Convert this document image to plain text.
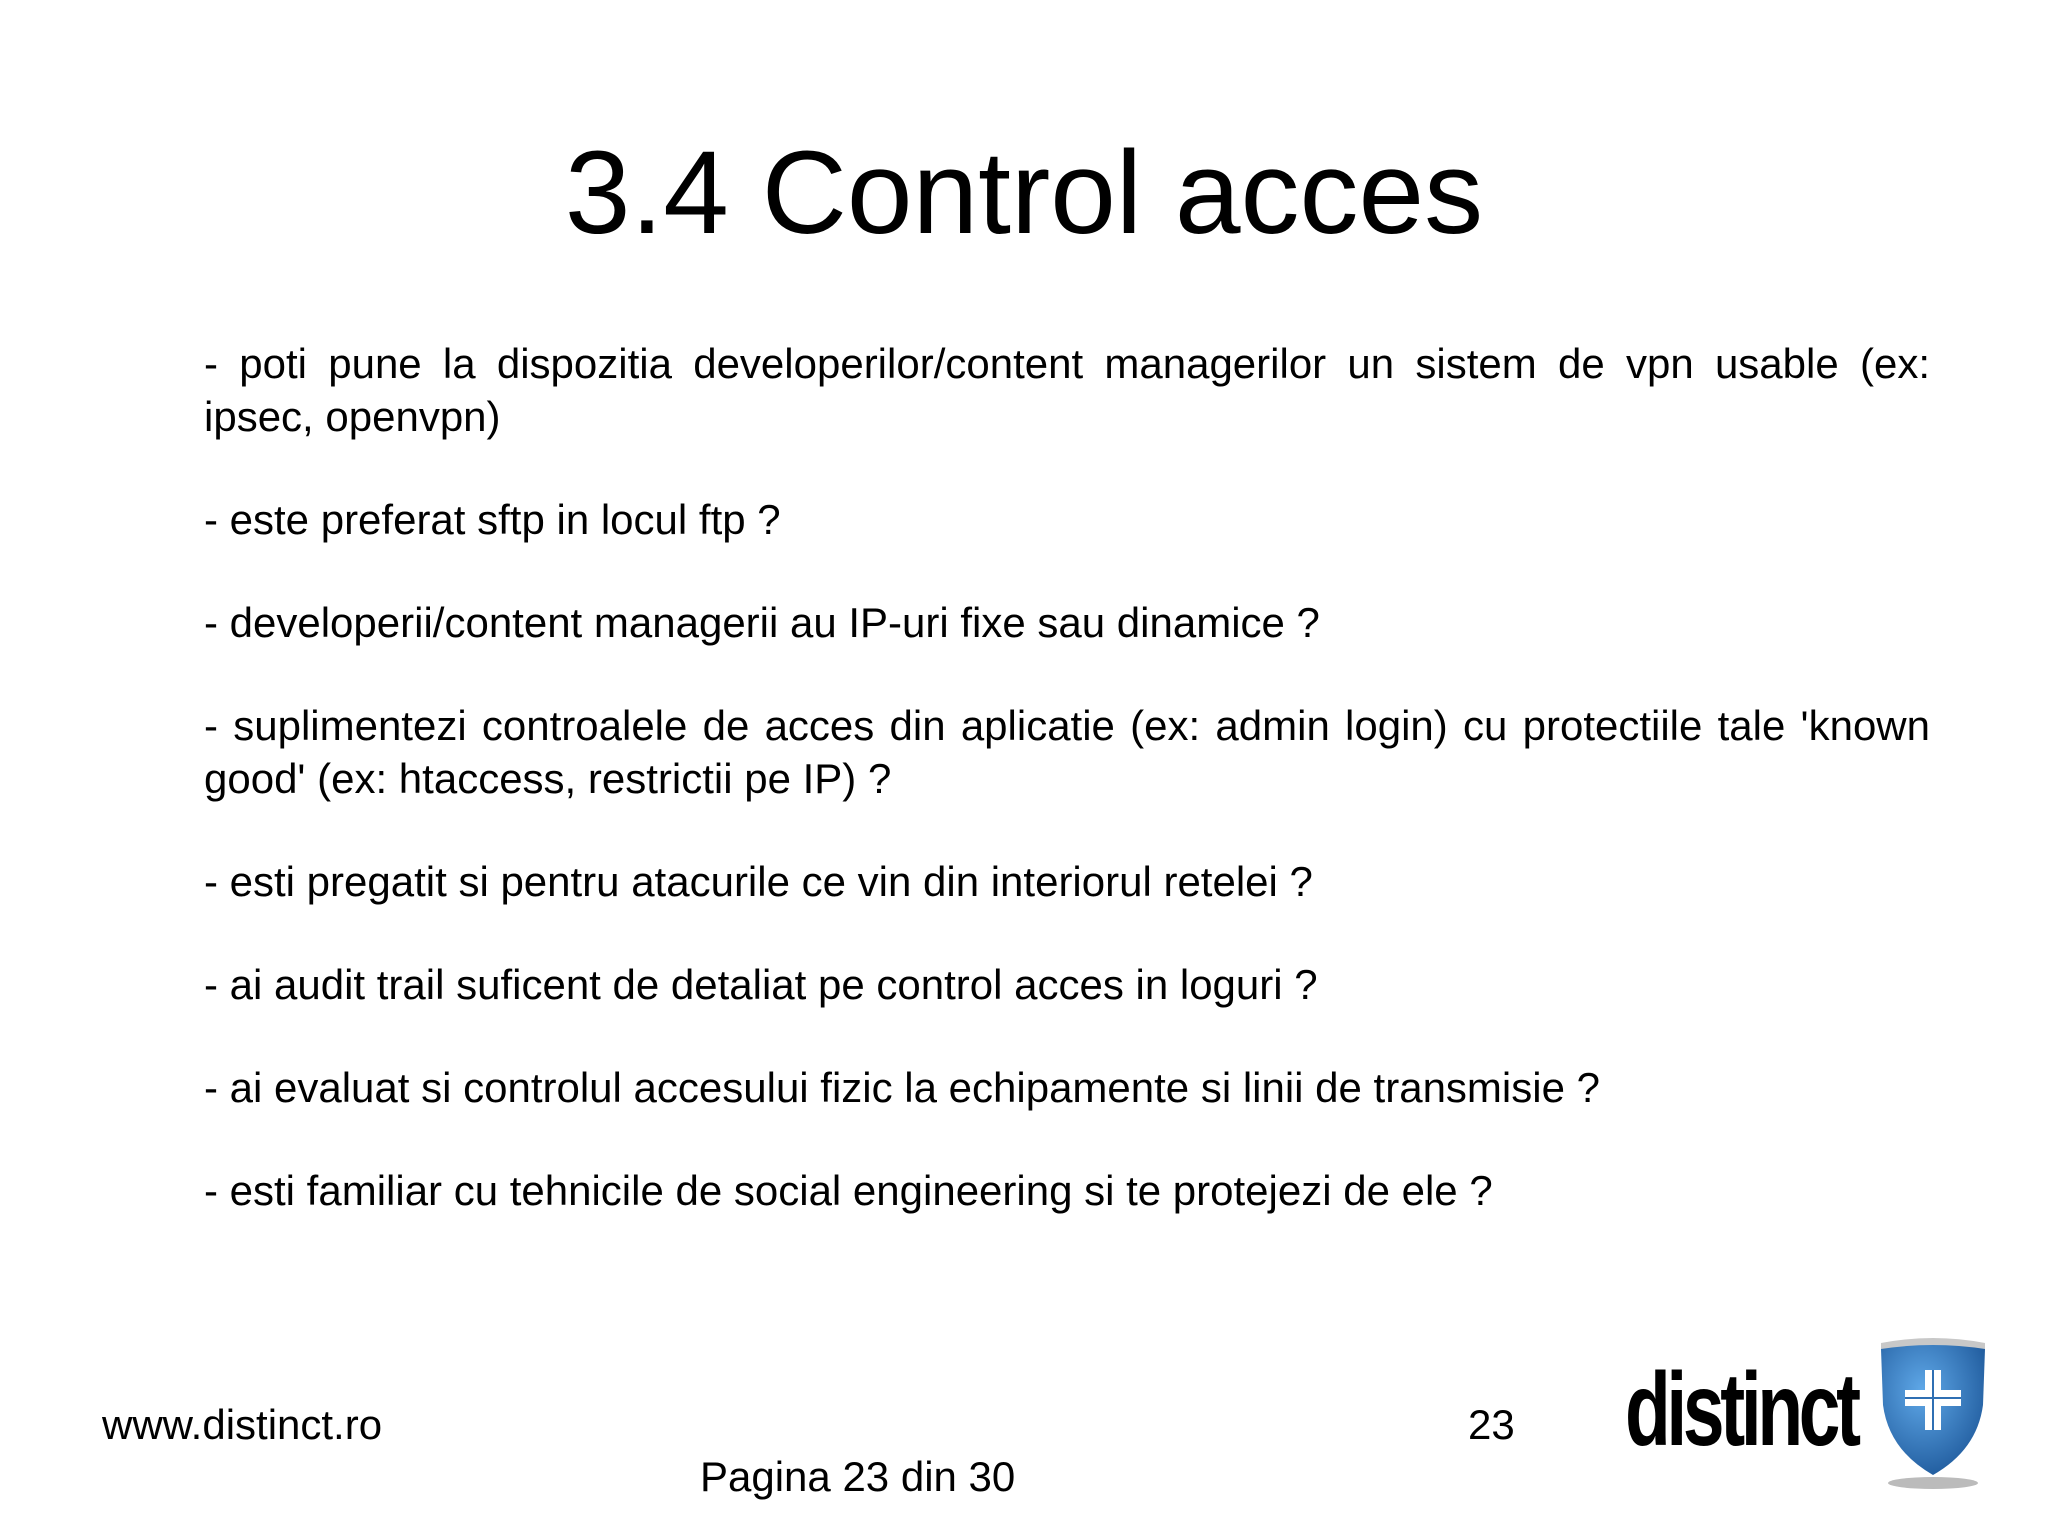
3.4 Control acces
- poti pune la dispozitia developerilor/content managerilor un sistem de vpn usable (ex: ipsec, openvpn)
- este preferat sftp in locul ftp ?
- developerii/content managerii au IP-uri fixe sau dinamice ?
- suplimentezi controalele de acces din aplicatie (ex: admin login) cu protectiile tale 'known good' (ex: htaccess, restrictii pe IP) ?
- esti pregatit si pentru atacurile ce vin din interiorul retelei ?
- ai audit trail suficent de detaliat pe control acces in loguri ?
- ai evaluat si controlul accesului fizic la echipamente si linii de transmisie ?
- esti familiar cu tehnicile de social engineering si te protejezi de ele ?
www.distinct.ro	23
Pagina 23 din 30
distinct
